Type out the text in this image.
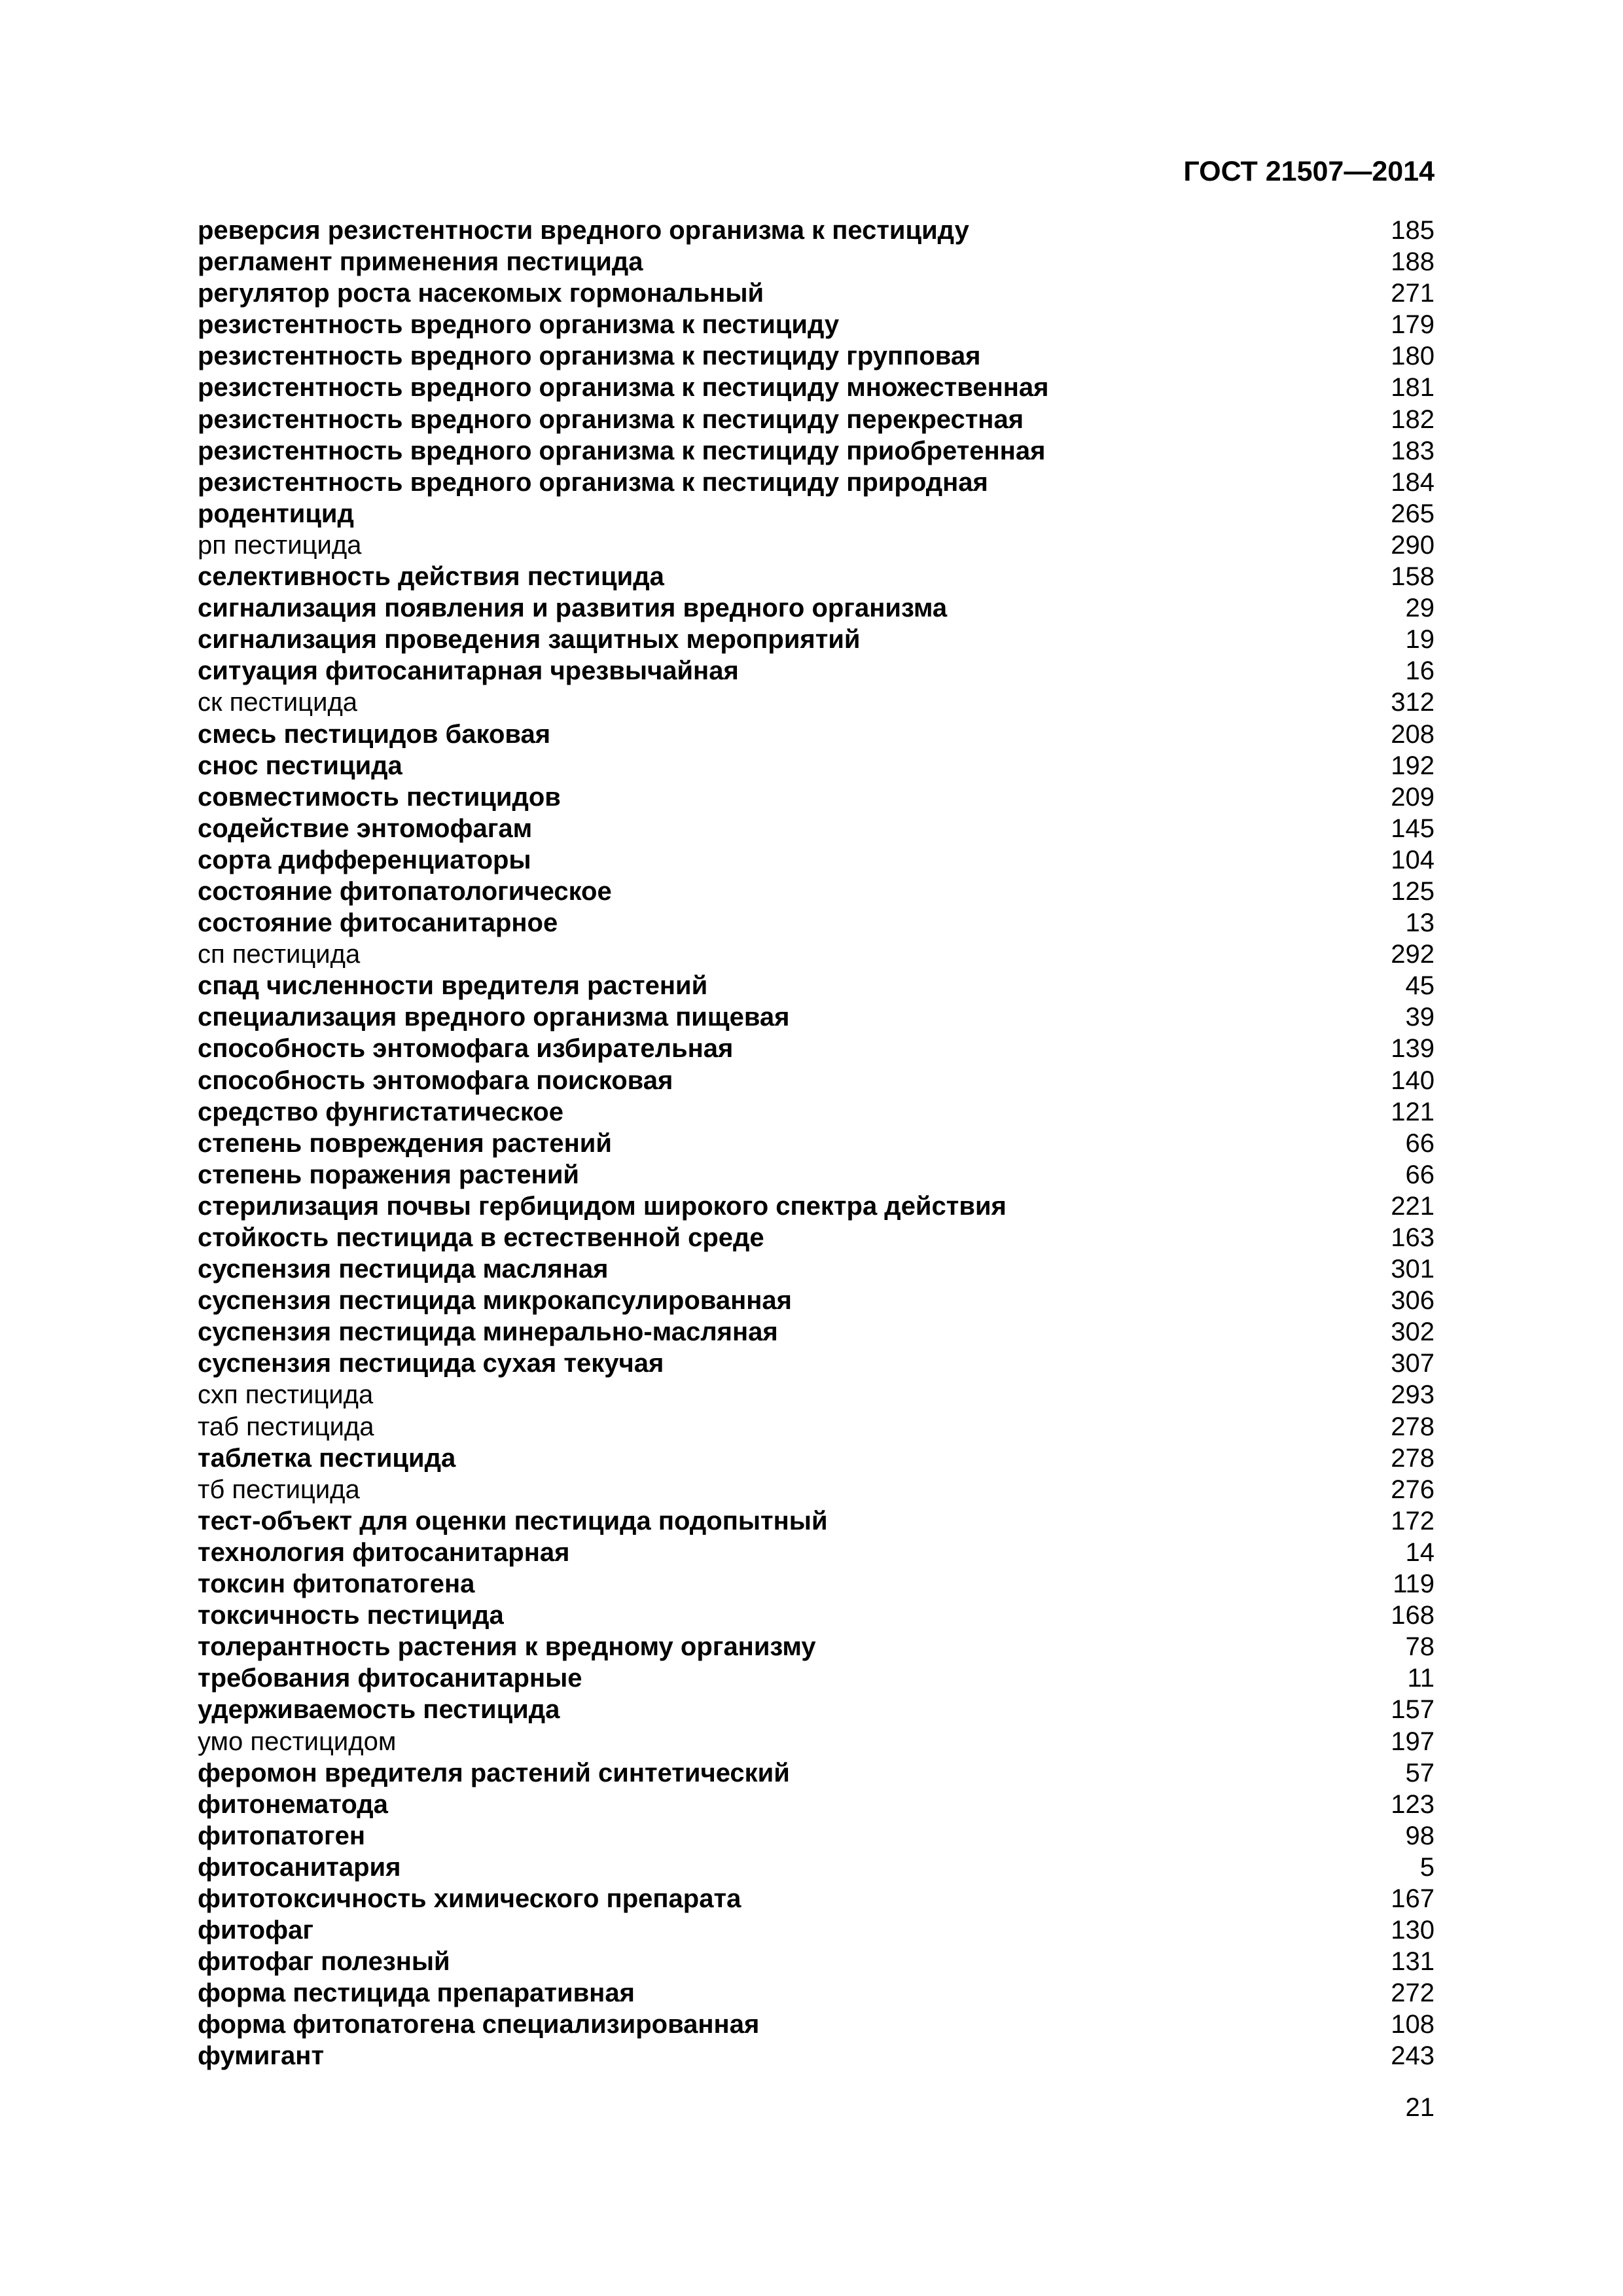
ГОСТ 21507—2014
реверсия резистентности вредного организма к пестициду	185
регламент применения пестицида	188
регулятор роста насекомых гормональный	271
резистентность вредного организма к пестициду	179
резистентность вредного организма к пестициду групповая	180
резистентность вредного организма к пестициду множественная	181
резистентность вредного организма к пестициду перекрестная	182
резистентность вредного организма к пестициду приобретенная	183
резистентность вредного организма к пестициду природная	184
родентицид	265
рп пестицида	290
селективность действия пестицида	158
сигнализация появления и развития вредного организма	29
сигнализация проведения защитных мероприятий	19
ситуация фитосанитарная чрезвычайная	16
ск пестицида	312
смесь пестицидов баковая	208
снос пестицида	192
совместимость пестицидов	209
содействие энтомофагам	145
сорта дифференциаторы	104
состояние фитопатологическое	125
состояние фитосанитарное	13
сп пестицида	292
спад численности вредителя растений	45
специализация вредного организма пищевая	39
способность энтомофага избирательная	139
способность энтомофага поисковая	140
средство фунгистатическое	121
степень повреждения растений	66
степень поражения растений	66
стерилизация почвы гербицидом широкого спектра действия	221
стойкость пестицида в естественной среде	163
суспензия пестицида масляная	301
суспензия пестицида микрокапсулированная	306
суспензия пестицида минерально-масляная	302
суспензия пестицида сухая текучая	307
схп пестицида	293
таб пестицида	278
таблетка пестицида	278
тб пестицида	276
тест-объект для оценки пестицида подопытный	172
технология фитосанитарная	14
токсин фитопатогена	119
токсичность пестицида	168
толерантность растения к вредному организму	78
требования фитосанитарные	11
удерживаемость пестицида	157
умо пестицидом	197
феромон вредителя растений синтетический	57
фитонематода	123
фитопатоген	98
фитосанитария	5
фитотоксичность химического препарата	167
фитофаг	130
фитофаг полезный	131
форма пестицида препаративная	272
форма фитопатогена специализированная	108
фумигант	243
21
